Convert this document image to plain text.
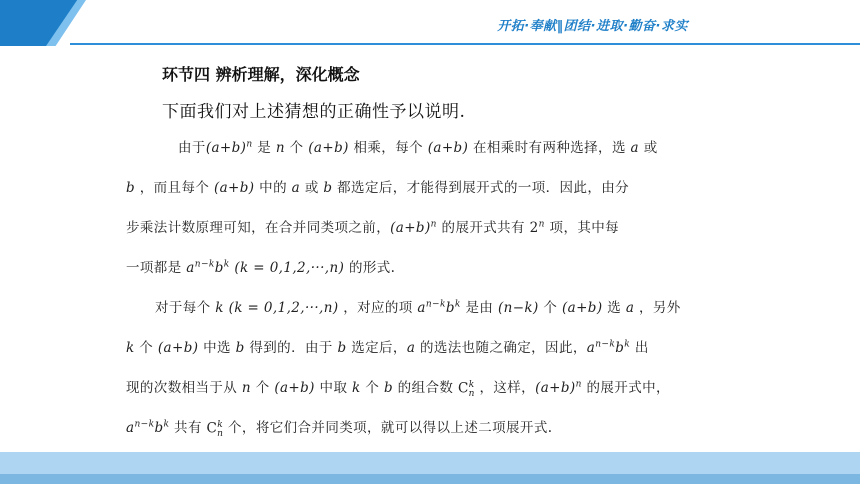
开拓·奉献‖团结·进取·勤奋·求实
环节四 辨析理解，深化概念
下面我们对上述猜想的正确性予以说明.
由于$(a+b)^n$ 是 n 个 (a+b) 相乘，每个 (a+b) 在相乘时有两种选择，选 a 或
b ，而且每个 (a+b) 中的 a 或 b 都选定后，才能得到展开式的一项．因此，由分
步乘法计数原理可知，在合并同类项之前，$(a+b)^n$ 的展开式共有 2$^n$ 项，其中每
一项都是 $a^{n-k}b^k$ (k = 0,1,2,···,n) 的形式.
对于每个 k (k = 0,1,2,···,n) ，对应的项 $a^{n-k}b^k$ 是由 (n−k) 个 (a+b) 选 a ，另外
k 个 (a+b) 中选 b 得到的．由于 b 选定后，a 的选法也随之确定，因此，$a^{n-k}b^k$ 出
现的次数相当于从 n 个 (a+b) 中取 k 个 b 的组合数 $C^k_n$ ，这样，$(a+b)^n$ 的展开式中，
$a^{n-k}b^k$ 共有 $C^k_n$ 个，将它们合并同类项，就可以得以上述二项展开式.
